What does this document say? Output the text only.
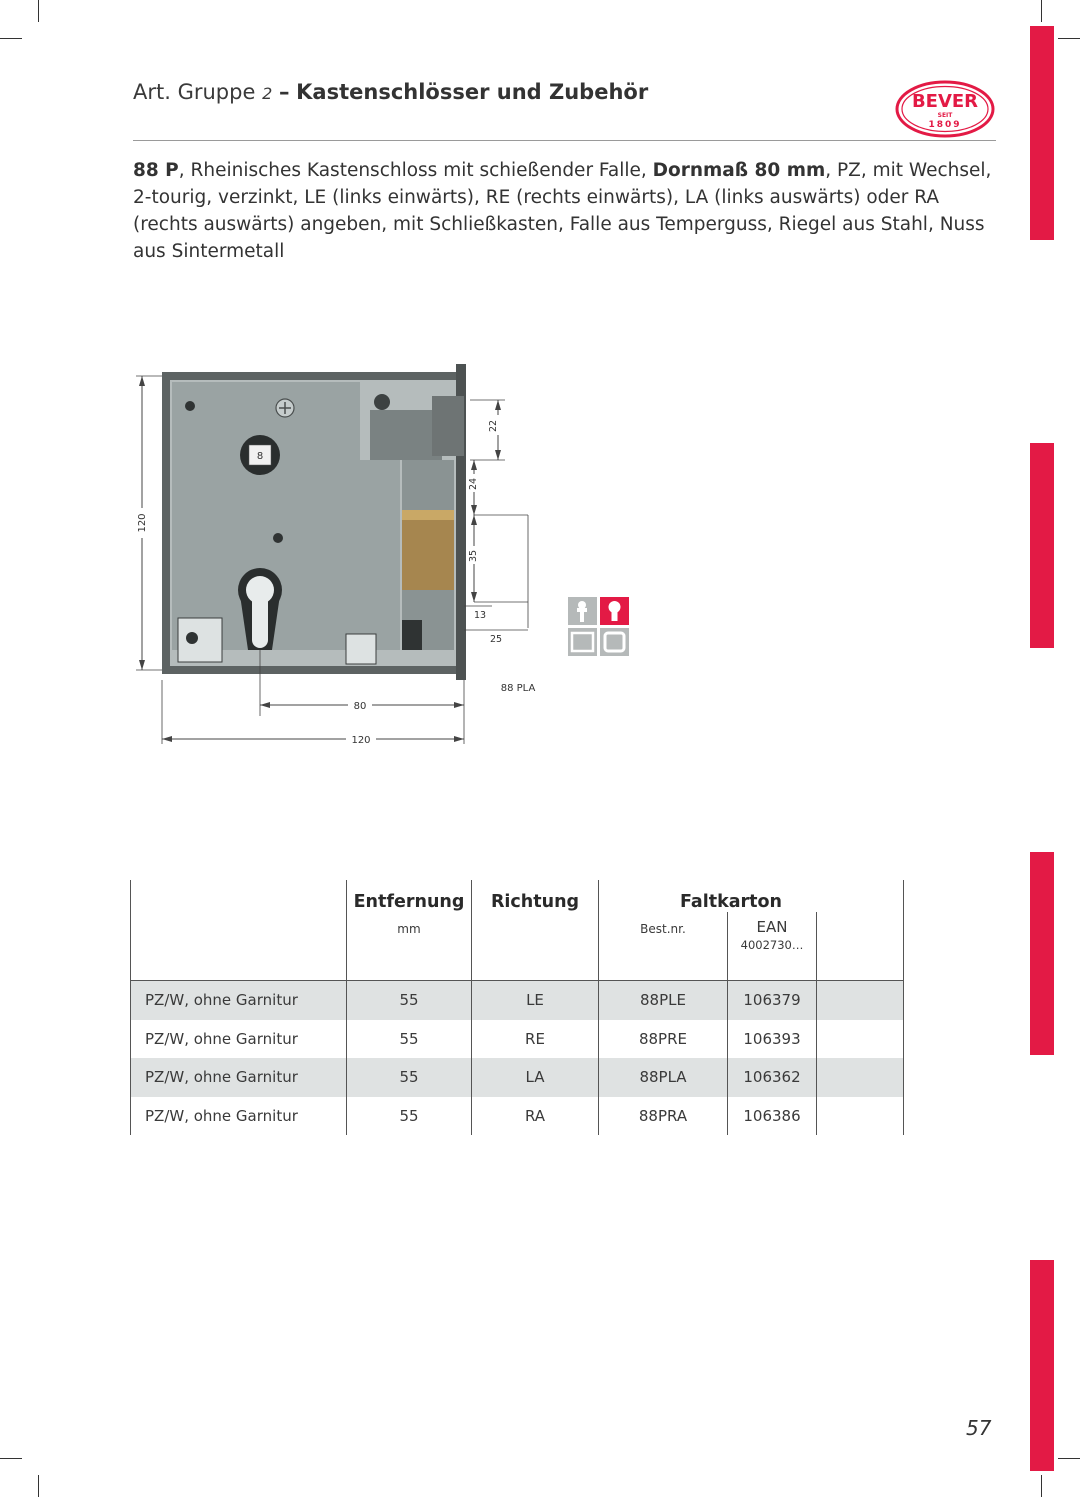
Art. Gruppe 2 – Kastenschlösser und Zubehör	BEVER
SEIT
1809
88 P, Rheinisches Kastenschloss mit schießender Falle, Dornmaß 80 mm, PZ, mit Wechsel, 2-tourig, verzinkt, LE (links einwärts), RE (rechts einwärts), LA (links auswärts) oder RA (rechts auswärts) angeben, mit Schließkasten, Falle aus Temperguss, Riegel aus Stahl, Nuss aus Sintermetall
120
8
22
24
35
13
25
88 PLA
80
120
	Entfernung	Richtung	Faltkarton		
	mm		Best.nr.	EAN
4002730…	

PZ/W, ohne Garnitur	55	LE	88PLE	106379	
PZ/W, ohne Garnitur	55	RE	88PRE	106393	
PZ/W, ohne Garnitur	55	LA	88PLA	106362	
PZ/W, ohne Garnitur	55	RA	88PRA	106386	
57
